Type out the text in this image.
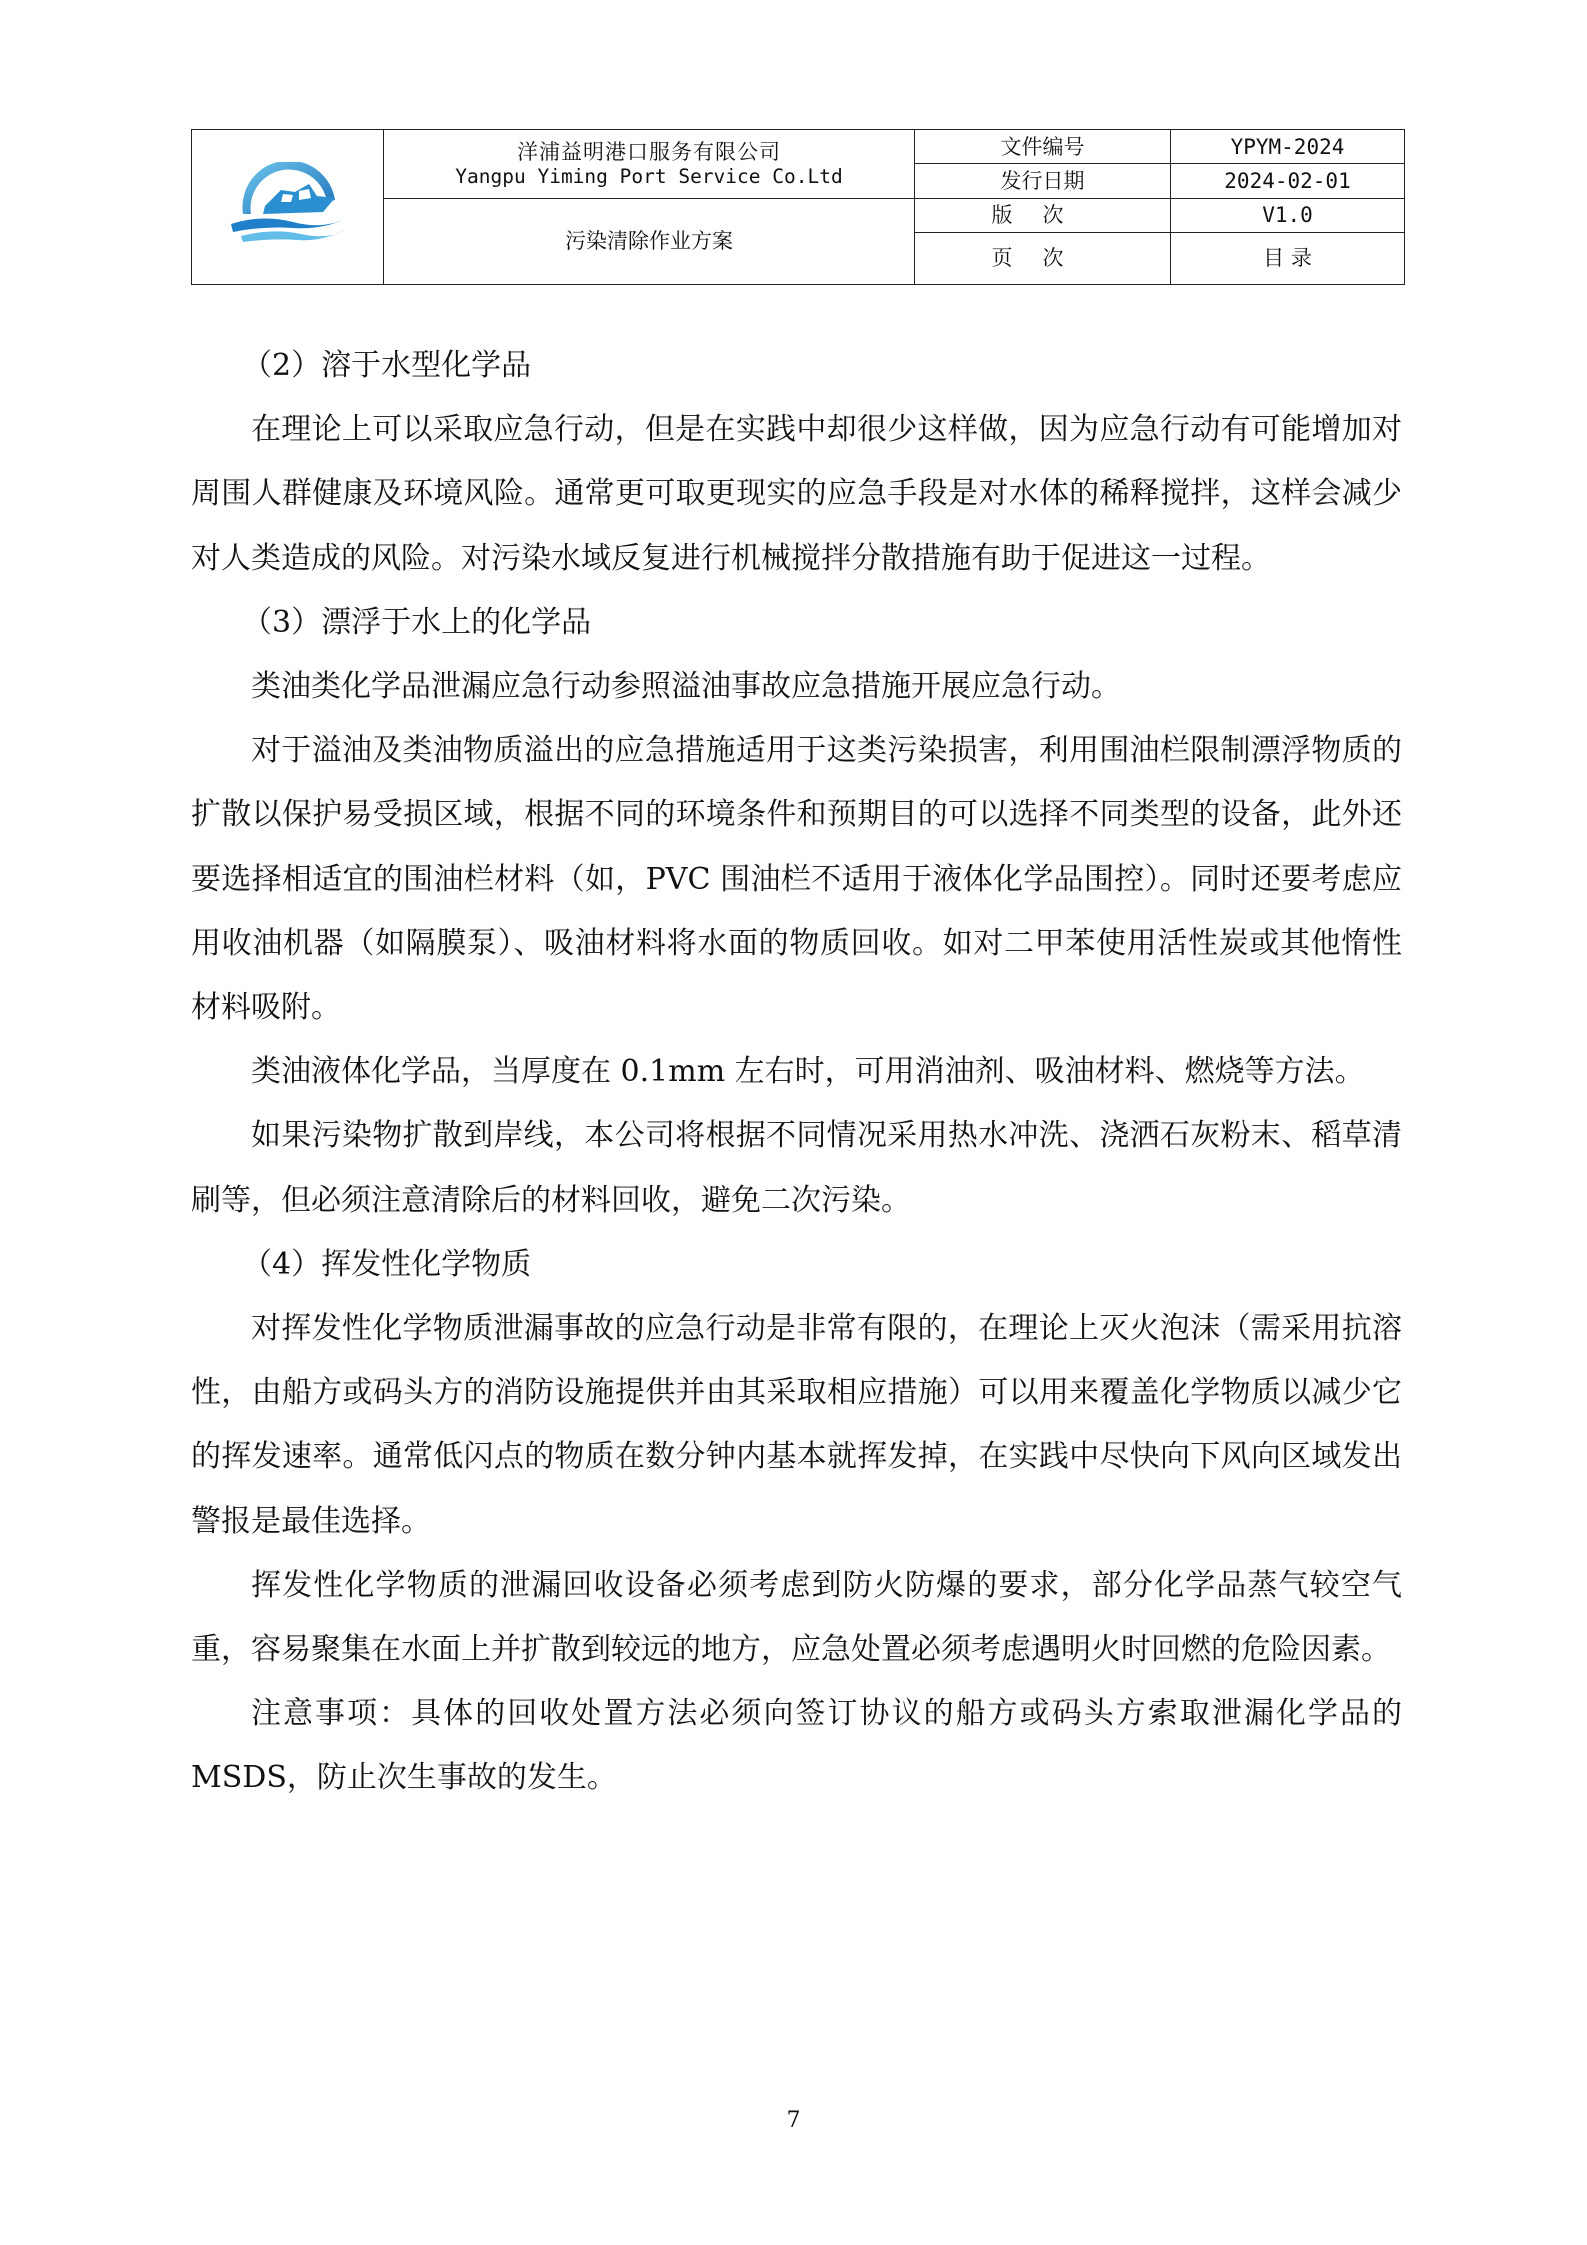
洋浦益明港口服务有限公司
Yangpu Yiming Port Service Co.Ltd	文件编号	YPYM-2024
		发行日期	2024-02-01
	污染清除作业方案	版次	V1.0
		页次	目 录

（2）溶于水型化学品

在理论上可以采取应急行动，但是在实践中却很少这样做，因为应急行动有可能增加对周围人群健康及环境风险。通常更可取更现实的应急手段是对水体的稀释搅拌，这样会减少对人类造成的风险。对污染水域反复进行机械搅拌分散措施有助于促进这一过程。

（3）漂浮于水上的化学品

类油类化学品泄漏应急行动参照溢油事故应急措施开展应急行动。

对于溢油及类油物质溢出的应急措施适用于这类污染损害，利用围油栏限制漂浮物质的扩散以保护易受损区域，根据不同的环境条件和预期目的可以选择不同类型的设备，此外还要选择相适宜的围油栏材料（如，PVC 围油栏不适用于液体化学品围控）。同时还要考虑应用收油机器（如隔膜泵）、吸油材料将水面的物质回收。如对二甲苯使用活性炭或其他惰性材料吸附。

类油液体化学品，当厚度在 0.1mm 左右时，可用消油剂、吸油材料、燃烧等方法。

如果污染物扩散到岸线，本公司将根据不同情况采用热水冲洗、浇洒石灰粉末、稻草清刷等，但必须注意清除后的材料回收，避免二次污染。

（4）挥发性化学物质

对挥发性化学物质泄漏事故的应急行动是非常有限的，在理论上灭火泡沫（需采用抗溶性，由船方或码头方的消防设施提供并由其采取相应措施）可以用来覆盖化学物质以减少它的挥发速率。通常低闪点的物质在数分钟内基本就挥发掉，在实践中尽快向下风向区域发出警报是最佳选择。

挥发性化学物质的泄漏回收设备必须考虑到防火防爆的要求，部分化学品蒸气较空气重，容易聚集在水面上并扩散到较远的地方，应急处置必须考虑遇明火时回燃的危险因素。

注意事项：具体的回收处置方法必须向签订协议的船方或码头方索取泄漏化学品的MSDS，防止次生事故的发生。

7
